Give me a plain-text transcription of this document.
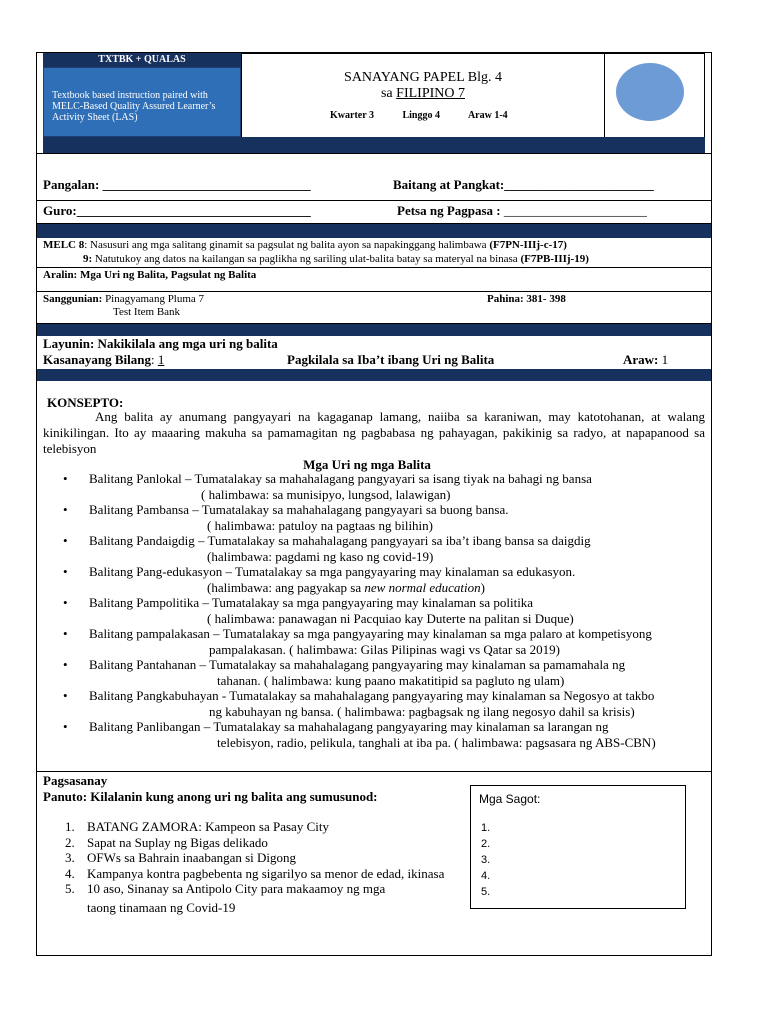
TXTBK + QUALAS
Textbook based instruction paired with MELC-Based Quality Assured Learner’s Activity Sheet (LAS)
SANAYANG PAPEL Blg. 4
sa FILIPINO 7
Kwarter 3	Linggo 4	Araw 1-4
Pangalan: ________________________________	Baitang at Pangkat:_______________________
Guro:____________________________________	Petsa ng Pagpasa : ______________________
MELC 8: Nasusuri ang mga salitang ginamit sa pagsulat ng balita ayon sa napakinggang halimbawa (F7PN-IIIj-c-17)
9: Natutukoy ang datos na kailangan sa paglikha ng sariling ulat-balita batay sa materyal na binasa (F7PB-IIIj-19)
Aralin: Mga Uri ng Balita, Pagsulat ng Balita
Sanggunian: Pinagyamang Pluma 7
Test Item Bank
Pahina: 381- 398
Layunin: Nakikilala ang mga uri ng balita
Kasanayang Bilang: 1	Pagkilala sa Iba’t ibang Uri ng Balita	Araw: 1
KONSEPTO:
Ang balita ay anumang pangyayari na kagaganap lamang, naiiba sa karaniwan, may katotohanan, at walang kinikilingan. Ito ay maaaring makuha sa pamamagitan ng pagbabasa ng pahayagan, pakikinig sa radyo, at napapanood sa telebisyon
Mga Uri ng mga Balita
• Balitang Panlokal – Tumatalakay sa mahahalagang pangyayari sa isang tiyak na bahagi ng bansa
( halimbawa: sa munisipyo, lungsod, lalawigan)
• Balitang Pambansa – Tumatalakay sa mahahalagang pangyayari sa buong bansa.
( halimbawa: patuloy na pagtaas ng bilihin)
• Balitang Pandaigdig – Tumatalakay sa mahahalagang pangyayari sa iba’t ibang bansa sa daigdig
(halimbawa: pagdami ng kaso ng covid-19)
• Balitang Pang-edukasyon – Tumatalakay sa mga pangyayaring may kinalaman sa edukasyon.
(halimbawa: ang pagyakap sa new normal education)
• Balitang Pampolitika – Tumatalakay sa mga pangyayaring may kinalaman sa politika
( halimbawa: panawagan ni Pacquiao kay Duterte na palitan si Duque)
• Balitang pampalakasan – Tumatalakay sa mga pangyayaring may kinalaman sa mga palaro at kompetisyong
pampalakasan. ( halimbawa: Gilas Pilipinas wagi vs Qatar sa 2019)
• Balitang Pantahanan – Tumatalakay sa mahahalagang pangyayaring may kinalaman sa pamamahala ng
tahanan. ( halimbawa: kung paano makatitipid sa pagluto ng ulam)
• Balitang Pangkabuhayan - Tumatalakay sa mahahalagang pangyayaring may kinalaman sa Negosyo at takbo
ng kabuhayan ng bansa. ( halimbawa: pagbagsak ng ilang negosyo dahil sa krisis)
• Balitang Panlibangan – Tumatalakay sa mahahalagang pangyayaring may kinalaman sa larangan ng
telebisyon, radio, pelikula, tanghali at iba pa. ( halimbawa: pagsasara ng ABS-CBN)
Pagsasanay
Panuto: Kilalanin kung anong uri ng balita ang sumusunod:
1. BATANG ZAMORA: Kampeon sa Pasay City
2. Sapat na Suplay ng Bigas delikado
3. OFWs sa Bahrain inaabangan si Digong
4. Kampanya kontra pagbebenta ng sigarilyo sa menor de edad, ikinasa
5. 10 aso, Sinanay sa Antipolo City para makaamoy ng mga
taong tinamaan ng Covid-19
Mga Sagot:
1.
2.
3.
4.
5.
